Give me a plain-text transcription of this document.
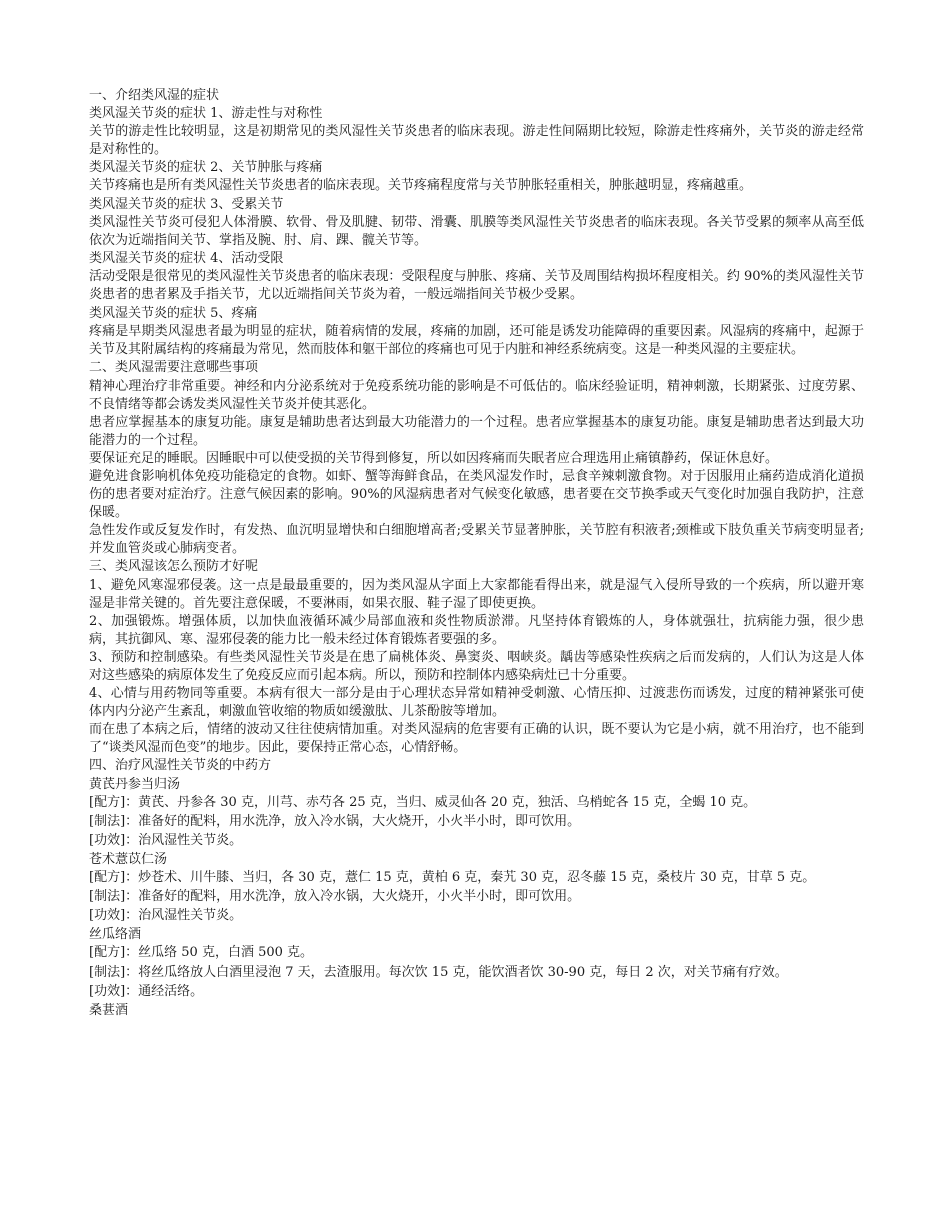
一、介绍类风湿的症状

类风湿关节炎的症状 1、游走性与对称性

关节的游走性比较明显，这是初期常见的类风湿性关节炎患者的临床表现。游走性间隔期比较短，除游走性疼痛外，关节炎的游走经常是对称性的。

类风湿关节炎的症状 2、关节肿胀与疼痛

关节疼痛也是所有类风湿性关节炎患者的临床表现。关节疼痛程度常与关节肿胀轻重相关，肿胀越明显，疼痛越重。

类风湿关节炎的症状 3、受累关节

类风湿性关节炎可侵犯人体滑膜、软骨、骨及肌腱、韧带、滑囊、肌膜等类风湿性关节炎患者的临床表现。各关节受累的频率从高至低依次为近端指间关节、掌指及腕、肘、肩、踝、髋关节等。

类风湿关节炎的症状 4、活动受限

活动受限是很常见的类风湿性关节炎患者的临床表现：受限程度与肿胀、疼痛、关节及周围结构损坏程度相关。约 90%的类风湿性关节炎患者的患者累及手指关节，尤以近端指间关节炎为着，一般远端指间关节极少受累。

类风湿关节炎的症状 5、疼痛

疼痛是早期类风湿患者最为明显的症状，随着病情的发展，疼痛的加剧，还可能是诱发功能障碍的重要因素。风湿病的疼痛中，起源于关节及其附属结构的疼痛最为常见，然而肢体和躯干部位的疼痛也可见于内脏和神经系统病变。这是一种类风湿的主要症状。

二、类风湿需要注意哪些事项

精神心理治疗非常重要。神经和内分泌系统对于免疫系统功能的影响是不可低估的。临床经验证明，精神刺激，长期紧张、过度劳累、不良情绪等都会诱发类风湿性关节炎并使其恶化。

患者应掌握基本的康复功能。康复是辅助患者达到最大功能潜力的一个过程。患者应掌握基本的康复功能。康复是辅助患者达到最大功能潜力的一个过程。

要保证充足的睡眠。因睡眠中可以使受损的关节得到修复，所以如因疼痛而失眠者应合理选用止痛镇静药，保证休息好。

避免进食影响机体免疫功能稳定的食物。如虾、蟹等海鲜食品，在类风湿发作时，忌食辛辣刺激食物。对于因服用止痛药造成消化道损伤的患者要对症治疗。注意气候因素的影响。90%的风湿病患者对气候变化敏感，患者要在交节换季或天气变化时加强自我防护，注意保暖。

急性发作或反复发作时，有发热、血沉明显增快和白细胞增高者;受累关节显著肿胀，关节腔有积液者;颈椎或下肢负重关节病变明显者;并发血管炎或心肺病变者。

三、类风湿该怎么预防才好呢

1、避免风寒湿邪侵袭。这一点是最最重要的，因为类风湿从字面上大家都能看得出来，就是湿气入侵所导致的一个疾病，所以避开寒湿是非常关键的。首先要注意保暖，不要淋雨，如果衣服、鞋子湿了即使更换。

2、加强锻炼。增强体质，以加快血液循环减少局部血液和炎性物质淤滞。凡坚持体育锻炼的人，身体就强壮，抗病能力强，很少患病，其抗御风、寒、湿邪侵袭的能力比一般未经过体育锻炼者要强的多。

3、预防和控制感染。有些类风湿性关节炎是在患了扁桃体炎、鼻窦炎、咽峡炎。龋齿等感染性疾病之后而发病的，人们认为这是人体对这些感染的病原体发生了免疫反应而引起本病。所以，预防和控制体内感染病灶已十分重要。

4、心情与用药物同等重要。本病有很大一部分是由于心理状态异常如精神受刺激、心情压抑、过渡悲伤而诱发，过度的精神紧张可使体内内分泌产生紊乱，刺激血管收缩的物质如缓激肽、儿茶酚胺等增加。

而在患了本病之后，情绪的波动又往往使病情加重。对类风湿病的危害要有正确的认识，既不要认为它是小病，就不用治疗，也不能到了“谈类风湿而色变”的地步。因此，要保持正常心态，心情舒畅。

四、治疗风湿性关节炎的中药方

黄芪丹参当归汤

[配方]：黄芪、丹参各 30 克，川芎、赤芍各 25 克，当归、威灵仙各 20 克，独活、乌梢蛇各 15 克，全蝎 10 克。

[制法]：准备好的配料，用水洗净，放入冷水锅，大火烧开，小火半小时，即可饮用。

[功效]：治风湿性关节炎。

苍术薏苡仁汤

[配方]：炒苍术、川牛膝、当归，各 30 克，薏仁 15 克，黄柏 6 克，秦艽 30 克，忍冬藤 15 克，桑枝片 30 克，甘草 5 克。

[制法]：准备好的配料，用水洗净，放入冷水锅，大火烧开，小火半小时，即可饮用。

[功效]：治风湿性关节炎。

丝瓜络酒

[配方]：丝瓜络 50 克，白酒 500 克。

[制法]：将丝瓜络放人白酒里浸泡 7 天，去渣服用。每次饮 15 克，能饮酒者饮 30-90 克，每日 2 次，对关节痛有疗效。

[功效]：通经活络。

桑葚酒
